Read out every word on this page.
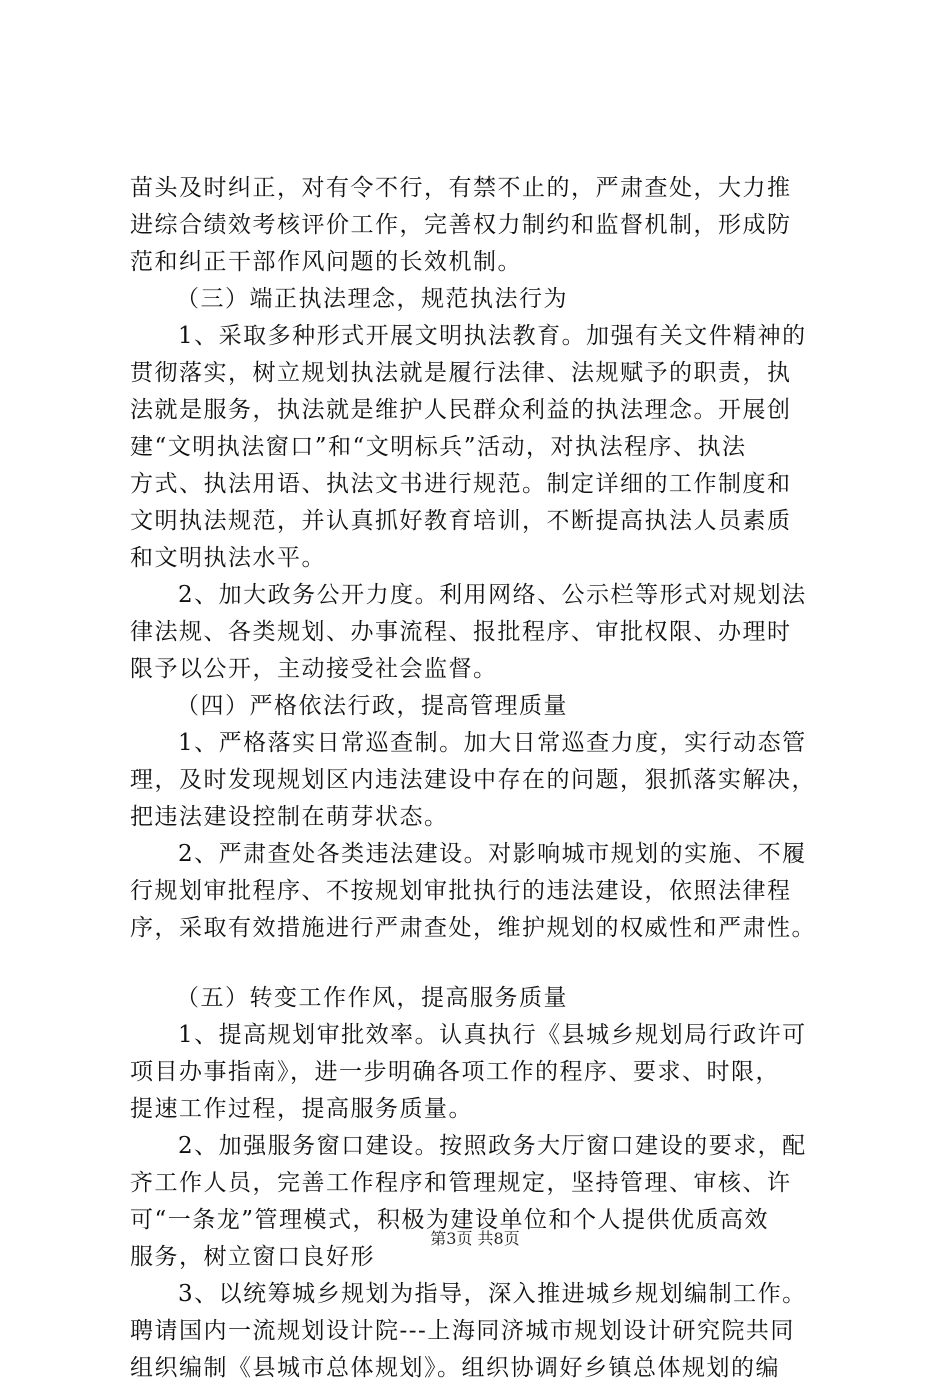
苗头及时纠正，对有令不行，有禁不止的，严肃查处，大力推
进综合绩效考核评价工作，完善权力制约和监督机制，形成防
范和纠正干部作风问题的长效机制。
（三）端正执法理念，规范执法行为
1、采取多种形式开展文明执法教育。加强有关文件精神的
贯彻落实，树立规划执法就是履行法律、法规赋予的职责，执
法就是服务，执法就是维护人民群众利益的执法理念。开展创
建“文明执法窗口”和“文明标兵”活动，对执法程序、执法
方式、执法用语、执法文书进行规范。制定详细的工作制度和
文明执法规范，并认真抓好教育培训，不断提高执法人员素质
和文明执法水平。
2、加大政务公开力度。利用网络、公示栏等形式对规划法
律法规、各类规划、办事流程、报批程序、审批权限、办理时
限予以公开，主动接受社会监督。
（四）严格依法行政，提高管理质量
1、严格落实日常巡查制。加大日常巡查力度，实行动态管
理，及时发现规划区内违法建设中存在的问题，狠抓落实解决，
把违法建设控制在萌芽状态。
2、严肃查处各类违法建设。对影响城市规划的实施、不履
行规划审批程序、不按规划审批执行的违法建设，依照法律程
序，采取有效措施进行严肃查处，维护规划的权威性和严肃性。
（五）转变工作作风，提高服务质量
1、提高规划审批效率。认真执行《县城乡规划局行政许可
项目办事指南》，进一步明确各项工作的程序、要求、时限，
提速工作过程，提高服务质量。
2、加强服务窗口建设。按照政务大厅窗口建设的要求，配
齐工作人员，完善工作程序和管理规定，坚持管理、审核、许
可“一条龙”管理模式，积极为建设单位和个人提供优质高效
服务，树立窗口良好形
3、以统筹城乡规划为指导，深入推进城乡规划编制工作。
聘请国内一流规划设计院---上海同济城市规划设计研究院共同
组织编制《县城市总体规划》。组织协调好乡镇总体规划的编
第3页 共8页
